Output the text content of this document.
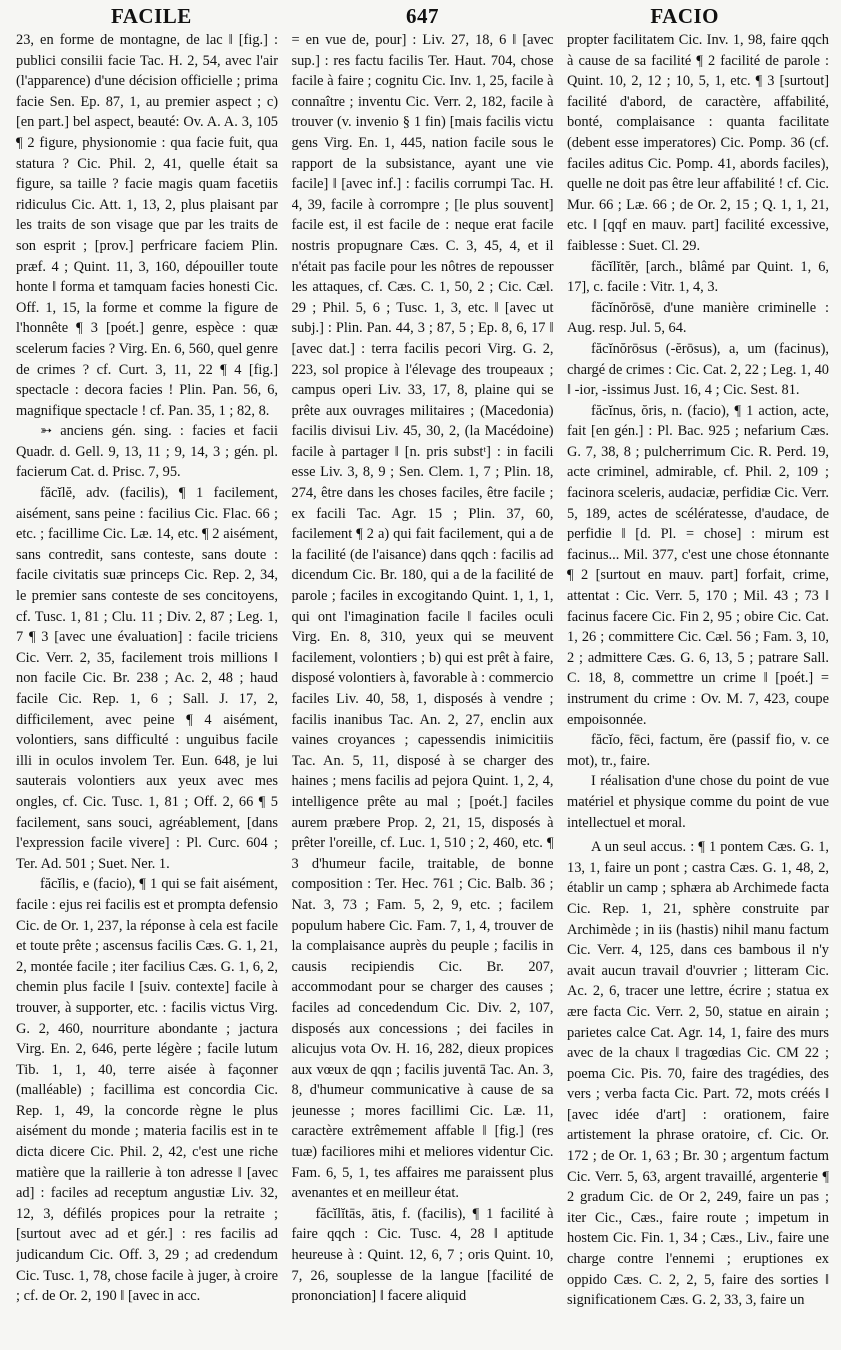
FACILE	647	FACIO

23, en forme de montagne, de lac ‖ [fig.] : publici consilii facie Tac. H. 2, 54, avec l'air (l'apparence) d'une décision officielle ; prima facie Sen. Ep. 87, 1, au premier aspect ; c) [en part.] bel aspect, beauté: Ov. A. A. 3, 105 ¶ 2 figure, physionomie : qua facie fuit, qua statura ? Cic. Phil. 2, 41, quelle était sa figure, sa taille ? facie magis quam facetiis ridiculus Cic. Att. 1, 13, 2, plus plaisant par les traits de son visage que par les traits de son esprit ; [prov.] perfricare faciem Plin. præf. 4 ; Quint. 11, 3, 160, dépouiller toute honte ‖ forma et tamquam facies honesti Cic. Off. 1, 15, la forme et comme la figure de l'honnête ¶ 3 [poét.] genre, espèce : quæ scelerum facies ? Virg. En. 6, 560, quel genre de crimes ? cf. Curt. 3, 11, 22 ¶ 4 [fig.] spectacle : decora facies ! Plin. Pan. 56, 6, magnifique spectacle ! cf. Pan. 35, 1 ; 82, 8.

➳ anciens gén. sing. : facies et facii Quadr. d. Gell. 9, 13, 11 ; 9, 14, 3 ; gén. pl. facierum Cat. d. Prisc. 7, 95.

făcĭlĕ, adv. (facilis), ¶ 1 facilement, aisément, sans peine : facilius Cic. Flac. 66 ; etc. ; facillime Cic. Læ. 14, etc. ¶ 2 aisément, sans contredit, sans conteste, sans doute : facile civitatis suæ princeps Cic. Rep. 2, 34, le premier sans conteste de ses concitoyens, cf. Tusc. 1, 81 ; Clu. 11 ; Div. 2, 87 ; Leg. 1, 7 ¶ 3 [avec une évaluation] : facile triciens Cic. Verr. 2, 35, facilement trois millions ‖ non facile Cic. Br. 238 ; Ac. 2, 48 ; haud facile Cic. Rep. 1, 6 ; Sall. J. 17, 2, difficilement, avec peine ¶ 4 aisément, volontiers, sans difficulté : unguibus facile illi in oculos involem Ter. Eun. 648, je lui sauterais volontiers aux yeux avec mes ongles, cf. Cic. Tusc. 1, 81 ; Off. 2, 66 ¶ 5 facilement, sans souci, agréablement, [dans l'expression facile vivere] : Pl. Curc. 604 ; Ter. Ad. 501 ; Suet. Ner. 1.

făcĭlis, e (facio), ¶ 1 qui se fait aisément, facile : ejus rei facilis est et prompta defensio Cic. de Or. 1, 237, la réponse à cela est facile et toute prête ; ascensus facilis Cæs. G. 1, 21, 2, montée facile ; iter facilius Cæs. G. 1, 6, 2, chemin plus facile ‖ [suiv. contexte] facile à trouver, à supporter, etc. : facilis victus Virg. G. 2, 460, nourriture abondante ; jactura Virg. En. 2, 646, perte légère ; facile lutum Tib. 1, 1, 40, terre aisée à façonner (malléable) ; facillima est concordia Cic. Rep. 1, 49, la concorde règne le plus aisément du monde ; materia facilis est in te dicta dicere Cic. Phil. 2, 42, c'est une riche matière que la raillerie à ton adresse ‖ [avec ad] : faciles ad receptum angustiæ Liv. 32, 12, 3, défilés propices pour la retraite ; [surtout avec ad et gér.] : res facilis ad judicandum Cic. Off. 3, 29 ; ad credendum Cic. Tusc. 1, 78, chose facile à juger, à croire ; cf. de Or. 2, 190 ‖ [avec in acc.

= en vue de, pour] : Liv. 27, 18, 6 ‖ [avec sup.] : res factu facilis Ter. Haut. 704, chose facile à faire ; cognitu Cic. Inv. 1, 25, facile à connaître ; inventu Cic. Verr. 2, 182, facile à trouver (v. invenio § 1 fin) [mais facilis victu gens Virg. En. 1, 445, nation facile sous le rapport de la subsistance, ayant une vie facile] ‖ [avec inf.] : facilis corrumpi Tac. H. 4, 39, facile à corrompre ; [le plus souvent] facile est, il est facile de : neque erat facile nostris propugnare Cæs. C. 3, 45, 4, et il n'était pas facile pour les nôtres de repousser les attaques, cf. Cæs. C. 1, 50, 2 ; Cic. Cæl. 29 ; Phil. 5, 6 ; Tusc. 1, 3, etc. ‖ [avec ut subj.] : Plin. Pan. 44, 3 ; 87, 5 ; Ep. 8, 6, 17 ‖ [avec dat.] : terra facilis pecori Virg. G. 2, 223, sol propice à l'élevage des troupeaux ; campus operi Liv. 33, 17, 8, plaine qui se prête aux ouvrages militaires ; (Macedonia) facilis divisui Liv. 45, 30, 2, (la Macédoine) facile à partager ‖ [n. pris substᵗ] : in facili esse Liv. 3, 8, 9 ; Sen. Clem. 1, 7 ; Plin. 18, 274, être dans les choses faciles, être facile ; ex facili Tac. Agr. 15 ; Plin. 37, 60, facilement ¶ 2 a) qui fait facilement, qui a de la facilité (de l'aisance) dans qqch : facilis ad dicendum Cic. Br. 180, qui a de la facilité de parole ; faciles in excogitando Quint. 1, 1, 1, qui ont l'imagination facile ‖ faciles oculi Virg. En. 8, 310, yeux qui se meuvent facilement, volontiers ; b) qui est prêt à faire, disposé volontiers à, favorable à : commercio faciles Liv. 40, 58, 1, disposés à vendre ; facilis inanibus Tac. An. 2, 27, enclin aux vaines croyances ; capessendis inimicitiis Tac. An. 5, 11, disposé à se charger des haines ; mens facilis ad pejora Quint. 1, 2, 4, intelligence prête au mal ; [poét.] faciles aurem præbere Prop. 2, 21, 15, disposés à prêter l'oreille, cf. Luc. 1, 510 ; 2, 460, etc. ¶ 3 d'humeur facile, traitable, de bonne composition : Ter. Hec. 761 ; Cic. Balb. 36 ; Nat. 3, 73 ; Fam. 5, 2, 9, etc. ; facilem populum habere Cic. Fam. 7, 1, 4, trouver de la complaisance auprès du peuple ; facilis in causis recipiendis Cic. Br. 207, accommodant pour se charger des causes ; faciles ad concedendum Cic. Div. 2, 107, disposés aux concessions ; dei faciles in alicujus vota Ov. H. 16, 282, dieux propices aux vœux de qqn ; facilis juventā Tac. An. 3, 8, d'humeur communicative à cause de sa jeunesse ; mores facillimi Cic. Læ. 11, caractère extrêmement affable ‖ [fig.] (res tuæ) faciliores mihi et meliores videntur Cic. Fam. 6, 5, 1, tes affaires me paraissent plus avenantes et en meilleur état.

făcĭlĭtās, ātis, f. (facilis), ¶ 1 facilité à faire qqch : Cic. Tusc. 4, 28 ‖ aptitude heureuse à : Quint. 12, 6, 7 ; oris Quint. 10, 7, 26, souplesse de la langue [facilité de prononciation] ‖ facere aliquid

propter facilitatem Cic. Inv. 1, 98, faire qqch à cause de sa facilité ¶ 2 facilité de parole : Quint. 10, 2, 12 ; 10, 5, 1, etc. ¶ 3 [surtout] facilité d'abord, de caractère, affabilité, bonté, complaisance : quanta facilitate (debent esse imperatores) Cic. Pomp. 36 (cf. faciles aditus Cic. Pomp. 41, abords faciles), quelle ne doit pas être leur affabilité ! cf. Cic. Mur. 66 ; Læ. 66 ; de Or. 2, 15 ; Q. 1, 1, 21, etc. ‖ [qqf en mauv. part] facilité excessive, faiblesse : Suet. Cl. 29.

făcĭlĭtĕr, [arch., blâmé par Quint. 1, 6, 17], c. facile : Vitr. 1, 4, 3.

făcĭnŏrōsē, d'une manière criminelle : Aug. resp. Jul. 5, 64.

făcĭnŏrōsus (-ĕrōsus), a, um (facinus), chargé de crimes : Cic. Cat. 2, 22 ; Leg. 1, 40 ‖ -ior, -issimus Just. 16, 4 ; Cic. Sest. 81.

făcĭnus, ŏris, n. (facio), ¶ 1 action, acte, fait [en gén.] : Pl. Bac. 925 ; nefarium Cæs. G. 7, 38, 8 ; pulcherrimum Cic. R. Perd. 19, acte criminel, admirable, cf. Phil. 2, 109 ; facinora sceleris, audaciæ, perfidiæ Cic. Verr. 5, 189, actes de scélératesse, d'audace, de perfidie ‖ [d. Pl. = chose] : mirum est facinus... Mil. 377, c'est une chose étonnante ¶ 2 [surtout en mauv. part] forfait, crime, attentat : Cic. Verr. 5, 170 ; Mil. 43 ; 73 ‖ facinus facere Cic. Fin 2, 95 ; obire Cic. Cat. 1, 26 ; committere Cic. Cæl. 56 ; Fam. 3, 10, 2 ; admittere Cæs. G. 6, 13, 5 ; patrare Sall. C. 18, 8, commettre un crime ‖ [poét.] = instrument du crime : Ov. M. 7, 423, coupe empoisonnée.

făcĭo, fēci, factum, ĕre (passif fio, v. ce mot), tr., faire.

I réalisation d'une chose du point de vue matériel et physique comme du point de vue intellectuel et moral.

A un seul accus. : ¶ 1 pontem Cæs. G. 1, 13, 1, faire un pont ; castra Cæs. G. 1, 48, 2, établir un camp ; sphæra ab Archimede facta Cic. Rep. 1, 21, sphère construite par Archimède ; in iis (hastis) nihil manu factum Cic. Verr. 4, 125, dans ces bambous il n'y avait aucun travail d'ouvrier ; litteram Cic. Ac. 2, 6, tracer une lettre, écrire ; statua ex ære facta Cic. Verr. 2, 50, statue en airain ; parietes calce Cat. Agr. 14, 1, faire des murs avec de la chaux ‖ tragœdias Cic. CM 22 ; poema Cic. Pis. 70, faire des tragédies, des vers ; verba facta Cic. Part. 72, mots créés ‖ [avec idée d'art] : orationem, faire artistement la phrase oratoire, cf. Cic. Or. 172 ; de Or. 1, 63 ; Br. 30 ; argentum factum Cic. Verr. 5, 63, argent travaillé, argenterie ¶ 2 gradum Cic. de Or 2, 249, faire un pas ; iter Cic., Cæs., faire route ; impetum in hostem Cic. Fin. 1, 34 ; Cæs., Liv., faire une charge contre l'ennemi ; eruptiones ex oppido Cæs. C. 2, 2, 5, faire des sorties ‖ significationem Cæs. G. 2, 33, 3, faire un
